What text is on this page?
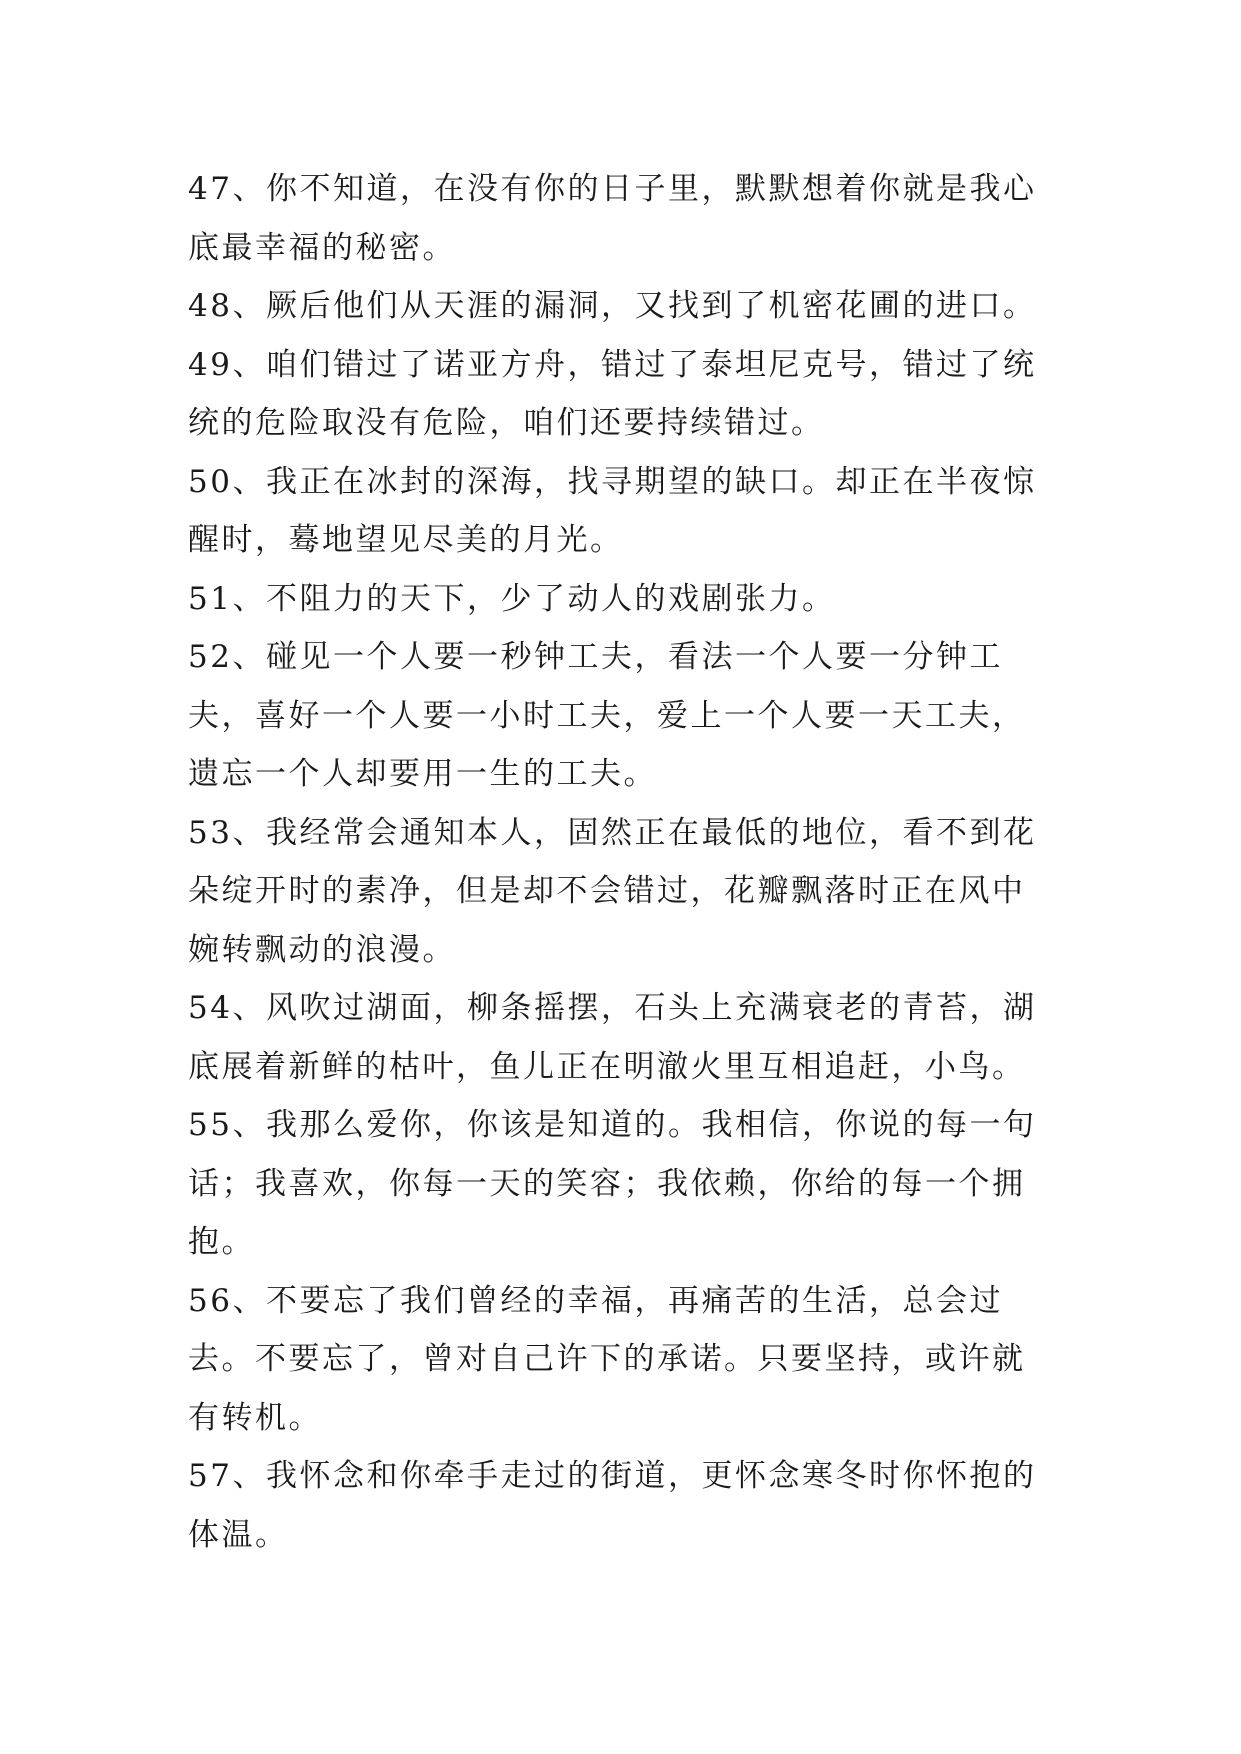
47、你不知道，在没有你的日子里，默默想着你就是我心底最幸福的秘密。

48、厥后他们从天涯的漏洞，又找到了机密花圃的进口。

49、咱们错过了诺亚方舟，错过了泰坦尼克号，错过了统统的危险取没有危险，咱们还要持续错过。

50、我正在冰封的深海，找寻期望的缺口。却正在半夜惊醒时，蓦地望见尽美的月光。

51、不阻力的天下，少了动人的戏剧张力。

52、碰见一个人要一秒钟工夫，看法一个人要一分钟工夫，喜好一个人要一小时工夫，爱上一个人要一天工夫，遗忘一个人却要用一生的工夫。

53、我经常会通知本人，固然正在最低的地位，看不到花朵绽开时的素净，但是却不会错过，花瓣飘落时正在风中婉转飘动的浪漫。

54、风吹过湖面，柳条摇摆，石头上充满衰老的青苔，湖底展着新鲜的枯叶，鱼儿正在明澈火里互相追赶，小鸟。

55、我那么爱你，你该是知道的。我相信，你说的每一句话；我喜欢，你每一天的笑容；我依赖，你给的每一个拥抱。

56、不要忘了我们曾经的幸福，再痛苦的生活，总会过去。不要忘了，曾对自己许下的承诺。只要坚持，或许就有转机。

57、我怀念和你牵手走过的街道，更怀念寒冬时你怀抱的体温。
